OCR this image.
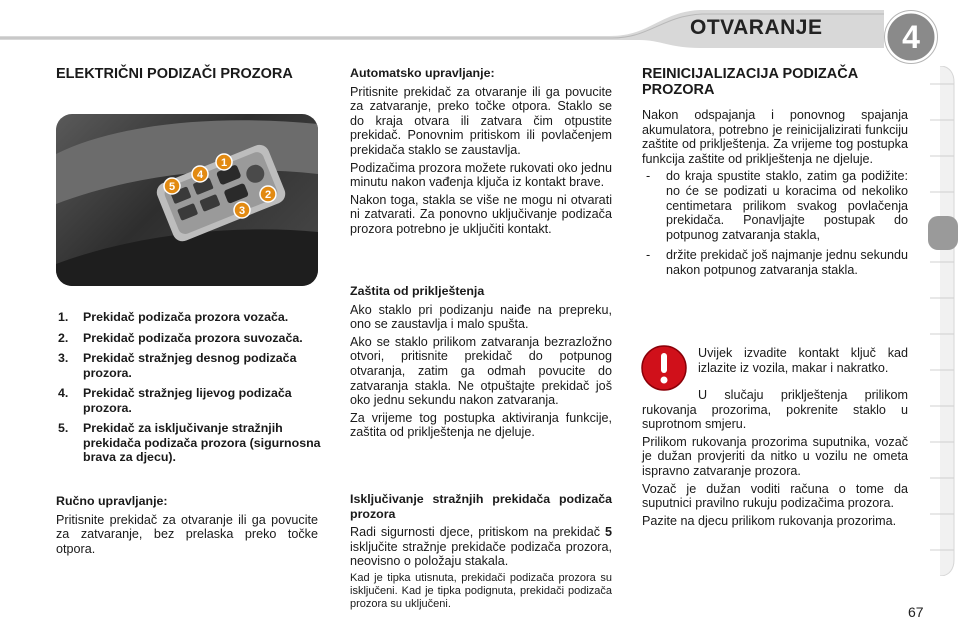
OTVARANJE	4
ELEKTRIČNI PODIZAČI PROZORA
1
2
3
4
5
1. Prekidač podizača prozora vozača.
2. Prekidač podizača prozora suvozača.
3. Prekidač stražnjeg desnog podizača prozora.
4. Prekidač stražnjeg lijevog podizača prozora.
5. Prekidač za isključivanje stražnjih prekidača podizača prozora (sigurnosna brava za djecu).
Ručno upravljanje:

Pritisnite prekidač za otvaranje ili ga povucite za zatvaranje, bez prelaska preko točke otpora.

Automatsko upravljanje:

Pritisnite prekidač za otvaranje ili ga povucite za zatvaranje, preko točke otpora. Staklo se do kraja otvara ili zatvara čim otpustite prekidač. Ponovnim pritiskom ili povlačenjem prekidača staklo se zaustavlja.

Podizačima prozora možete rukovati oko jednu minutu nakon vađenja ključa iz kontakt brave.

Nakon toga, stakla se više ne mogu ni otvarati ni zatvarati. Za ponovno uključivanje podizača prozora potrebno je uključiti kontakt.

Zaštita od priklještenja

Ako staklo pri podizanju naiđe na prepreku, ono se zaustavlja i malo spušta.

Ako se staklo prilikom zatvaranja bezrazložno otvori, pritisnite prekidač do potpunog otvaranja, zatim ga odmah povucite do zatvaranja stakla. Ne otpuštajte prekidač još oko jednu sekundu nakon zatvaranja.

Za vrijeme tog postupka aktiviranja funkcije, zaštita od priklještenja ne djeluje.

Isključivanje stražnjih prekidača podizača prozora

Radi sigurnosti djece, pritiskom na prekidač 5 isključite stražnje prekidače podizača prozora, neovisno o položaju stakala.

Kad je tipka utisnuta, prekidači podizača prozora su isključeni. Kad je tipka podignuta, prekidači podizača prozora su uključeni.

REINICIJALIZACIJA PODIZAČA PROZORA

Nakon odspajanja i ponovnog spajanja akumulatora, potrebno je reinicijalizirati funkciju zaštite od priklještenja. Za vrijeme tog postupka funkcija zaštite od priklještenja ne djeluje.

- do kraja spustite staklo, zatim ga podižite: no će se podizati u koracima od nekoliko centimetara prilikom svakog povlačenja prekidača. Ponavljajte postupak do potpunog zatvaranja stakla,
- držite prekidač još najmanje jednu sekundu nakon potpunog zatvaranja stakla.

Uvijek izvadite kontakt ključ kad izlazite iz vozila, makar i nakratko.

U slučaju priklještenja prilikom rukovanja prozorima, pokrenite staklo u suprotnom smjeru.

Prilikom rukovanja prozorima suputnika, vozač je dužan provjeriti da nitko u vozilu ne ometa ispravno zatvaranje prozora.

Vozač je dužan voditi računa o tome da suputnici pravilno rukuju podizačima prozora.

Pazite na djecu prilikom rukovanja prozorima.

67
